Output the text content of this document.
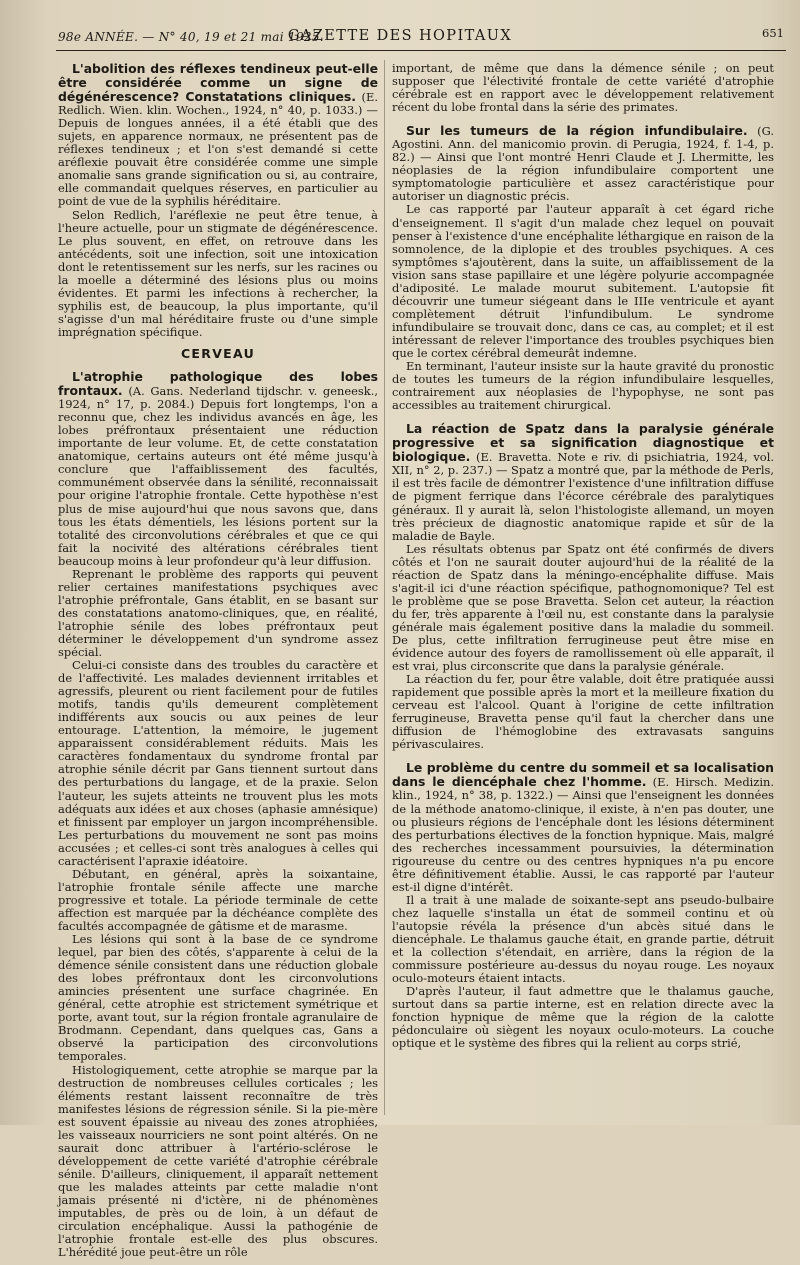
98e ANNÉE. — N° 40, 19 et 21 mai 1925.
GAZETTE DES HOPITAUX	651

L'abolition des réflexes tendineux peut-elle être considérée comme un signe de dégénérescence? Constatations cliniques. (E. Redlich. Wien. klin. Wochen., 1924, n° 40, p. 1033.) — Depuis de longues années, il a été établi que des sujets, en apparence normaux, ne présentent pas de réflexes tendineux ; et l'on s'est demandé si cette aréflexie pouvait être considérée comme une simple anomalie sans grande signification ou si, au contraire, elle commandait quelques réserves, en particulier au point de vue de la syphilis héréditaire.

Selon Redlich, l'aréflexie ne peut être tenue, à l'heure actuelle, pour un stigmate de dégénérescence. Le plus souvent, en effet, on retrouve dans les antécédents, soit une infection, soit une intoxication dont le retentissement sur les nerfs, sur les racines ou la moelle a déterminé des lésions plus ou moins évidentes. Et parmi les infections à rechercher, la syphilis est, de beaucoup, la plus importante, qu'il s'agisse d'un mal héréditaire fruste ou d'une simple imprégnation spécifique.

CERVEAU

L'atrophie pathologique des lobes frontaux. (A. Gans. Nederland tijdschr. v. geneesk., 1924, n° 17, p. 2084.) Depuis fort longtemps, l'on a reconnu que, chez les individus avancés en âge, les lobes préfrontaux présentaient une réduction importante de leur volume. Et, de cette constatation anatomique, certains auteurs ont été même jusqu'à conclure que l'affaiblissement des facultés, communément observée dans la sénilité, reconnaissait pour origine l'atrophie frontale. Cette hypothèse n'est plus de mise aujourd'hui que nous savons que, dans tous les états démentiels, les lésions portent sur la totalité des circonvolutions cérébrales et que ce qui fait la nocivité des altérations cérébrales tient beaucoup moins à leur profondeur qu'à leur diffusion.

Reprenant le problème des rapports qui peuvent relier certaines manifestations psychiques avec l'atrophie préfrontale, Gans établit, en se basant sur des constatations anatomo-cliniques, que, en réalité, l'atrophie sénile des lobes préfrontaux peut déterminer le développement d'un syndrome assez spécial.

Celui-ci consiste dans des troubles du caractère et de l'affectivité. Les malades deviennent irritables et agressifs, pleurent ou rient facilement pour de futiles motifs, tandis qu'ils demeurent complètement indifférents aux soucis ou aux peines de leur entourage. L'attention, la mémoire, le jugement apparaissent considérablement réduits. Mais les caractères fondamentaux du syndrome frontal par atrophie sénile décrit par Gans tiennent surtout dans des perturbations du langage, et de la praxie. Selon l'auteur, les sujets atteints ne trouvent plus les mots adéquats aux idées et aux choses (aphasie amnésique) et finissent par employer un jargon incompréhensible. Les perturbations du mouvement ne sont pas moins accusées ; et celles-ci sont très analogues à celles qui caractérisent l'apraxie idéatoire.

Débutant, en général, après la soixantaine, l'atrophie frontale sénile affecte une marche progressive et totale. La période terminale de cette affection est marquée par la déchéance complète des facultés accompagnée de gâtisme et de marasme.

Les lésions qui sont à la base de ce syndrome lequel, par bien des côtés, s'apparente à celui de la démence sénile consistent dans une réduction globale des lobes préfrontaux dont les circonvolutions amincies présentent une surface chagrinée. En général, cette atrophie est strictement symétrique et porte, avant tout, sur la région frontale agranulaire de Brodmann. Cependant, dans quelques cas, Gans a observé la participation des circonvolutions temporales.

Histologiquement, cette atrophie se marque par la destruction de nombreuses cellules corticales ; les éléments restant laissent reconnaître de très manifestes lésions de régression sénile. Si la pie-mère est souvent épaissie au niveau des zones atrophiées, les vaisseaux nourriciers ne sont point altérés. On ne saurait donc attribuer à l'artério-sclérose le développement de cette variété d'atrophie cérébrale sénile. D'ailleurs, cliniquement, il apparaît nettement que les malades atteints par cette maladie n'ont jamais présenté ni d'ictère, ni de phénomènes imputables, de près ou de loin, à un défaut de circulation encéphalique. Aussi la pathogénie de l'atrophie frontale est-elle des plus obscures. L'hérédité joue peut-être un rôle

important, de même que dans la démence sénile ; on peut supposer que l'électivité frontale de cette variété d'atrophie cérébrale est en rapport avec le développement relativement récent du lobe frontal dans la série des primates.

Sur les tumeurs de la région infundibulaire. (G. Agostini. Ann. del manicomio provin. di Perugia, 1924, f. 1-4, p. 82.) — Ainsi que l'ont montré Henri Claude et J. Lhermitte, les néoplasies de la région infundibulaire comportent une symptomatologie particulière et assez caractéristique pour autoriser un diagnostic précis.

Le cas rapporté par l'auteur apparaît à cet égard riche d'enseignement. Il s'agit d'un malade chez lequel on pouvait penser à l'existence d'une encéphalite léthargique en raison de la somnolence, de la diplopie et des troubles psychiques. A ces symptômes s'ajoutèrent, dans la suite, un affaiblissement de la vision sans stase papillaire et une légère polyurie accompagnée d'adiposité. Le malade mourut subitement. L'autopsie fit découvrir une tumeur siégeant dans le IIIe ventricule et ayant complètement détruit l'infundibulum. Le syndrome infundibulaire se trouvait donc, dans ce cas, au complet; et il est intéressant de relever l'importance des troubles psychiques bien que le cortex cérébral demeurât indemne.

En terminant, l'auteur insiste sur la haute gravité du pronostic de toutes les tumeurs de la région infundibulaire lesquelles, contrairement aux néoplasies de l'hypophyse, ne sont pas accessibles au traitement chirurgical.

La réaction de Spatz dans la paralysie générale progressive et sa signification diagnostique et biologique. (E. Bravetta. Note e riv. di psichiatria, 1924, vol. XII, n° 2, p. 237.) — Spatz a montré que, par la méthode de Perls, il est très facile de démontrer l'existence d'une infiltration diffuse de pigment ferrique dans l'écorce cérébrale des paralytiques généraux. Il y aurait là, selon l'histologiste allemand, un moyen très précieux de diagnostic anatomique rapide et sûr de la maladie de Bayle.

Les résultats obtenus par Spatz ont été confirmés de divers côtés et l'on ne saurait douter aujourd'hui de la réalité de la réaction de Spatz dans la méningo-encéphalite diffuse. Mais s'agit-il ici d'une réaction spécifique, pathognomonique? Tel est le problème que se pose Bravetta. Selon cet auteur, la réaction du fer, très apparente à l'œil nu, est constante dans la paralysie générale mais également positive dans la maladie du sommeil. De plus, cette infiltration ferrugineuse peut être mise en évidence autour des foyers de ramollissement où elle apparaît, il est vrai, plus circonscrite que dans la paralysie générale.

La réaction du fer, pour être valable, doit être pratiquée aussi rapidement que possible après la mort et la meilleure fixation du cerveau est l'alcool. Quant à l'origine de cette infiltration ferrugineuse, Bravetta pense qu'il faut la chercher dans une diffusion de l'hémoglobine des extravasats sanguins périvasculaires.

Le problème du centre du sommeil et sa localisation dans le diencéphale chez l'homme. (E. Hirsch. Medizin. klin., 1924, n° 38, p. 1322.) — Ainsi que l'enseignent les données de la méthode anatomo-clinique, il existe, à n'en pas douter, une ou plusieurs régions de l'encéphale dont les lésions déterminent des perturbations électives de la fonction hypnique. Mais, malgré des recherches incessamment poursuivies, la détermination rigoureuse du centre ou des centres hypniques n'a pu encore être définitivement établie. Aussi, le cas rapporté par l'auteur est-il digne d'intérêt.

Il a trait à une malade de soixante-sept ans pseudo-bulbaire chez laquelle s'installa un état de sommeil continu et où l'autopsie révéla la présence d'un abcès situé dans le diencéphale. Le thalamus gauche était, en grande partie, détruit et la collection s'étendait, en arrière, dans la région de la commissure postérieure au-dessus du noyau rouge. Les noyaux oculo-moteurs étaient intacts.

D'après l'auteur, il faut admettre que le thalamus gauche, surtout dans sa partie interne, est en relation directe avec la fonction hypnique de même que la région de la calotte pédonculaire où siègent les noyaux oculo-moteurs. La couche optique et le système des fibres qui la relient au corps strié,
